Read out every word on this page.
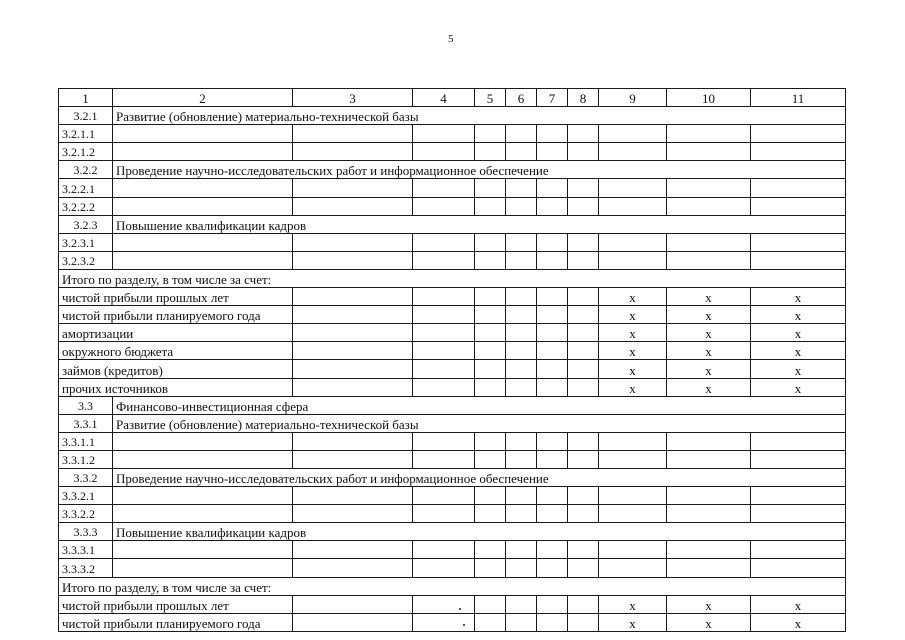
5
1	2	3	4	5	6	7	8	9	10	11
3.2.1	Развитие (обновление) материально-технической базы									
3.2.1.1										
3.2.1.2										
3.2.2	Проведение научно-исследовательских работ и информационное обеспечение									
3.2.2.1										
3.2.2.2										
3.2.3	Повышение квалификации кадров									
3.2.3.1										
3.2.3.2										
Итого по разделу, в том числе за счет:										
чистой прибыли прошлых лет								х	х	х
чистой прибыли планируемого года								х	х	х
амортизации								х	х	х
окружного бюджета								х	х	х
займов (кредитов)								х	х	х
прочих источников								х	х	х
3.3	Финансово-инвестиционная сфера									
3.3.1	Развитие (обновление) материально-технической базы									
3.3.1.1										
3.3.1.2										
3.3.2	Проведение научно-исследовательских работ и информационное обеспечение									
3.3.2.1										
3.3.2.2										
3.3.3	Повышение квалификации кадров									
3.3.3.1										
3.3.3.2										
Итого по разделу, в том числе за счет:										
чистой прибыли прошлых лет								х	х	х
чистой прибыли планируемого года								х	х	х
